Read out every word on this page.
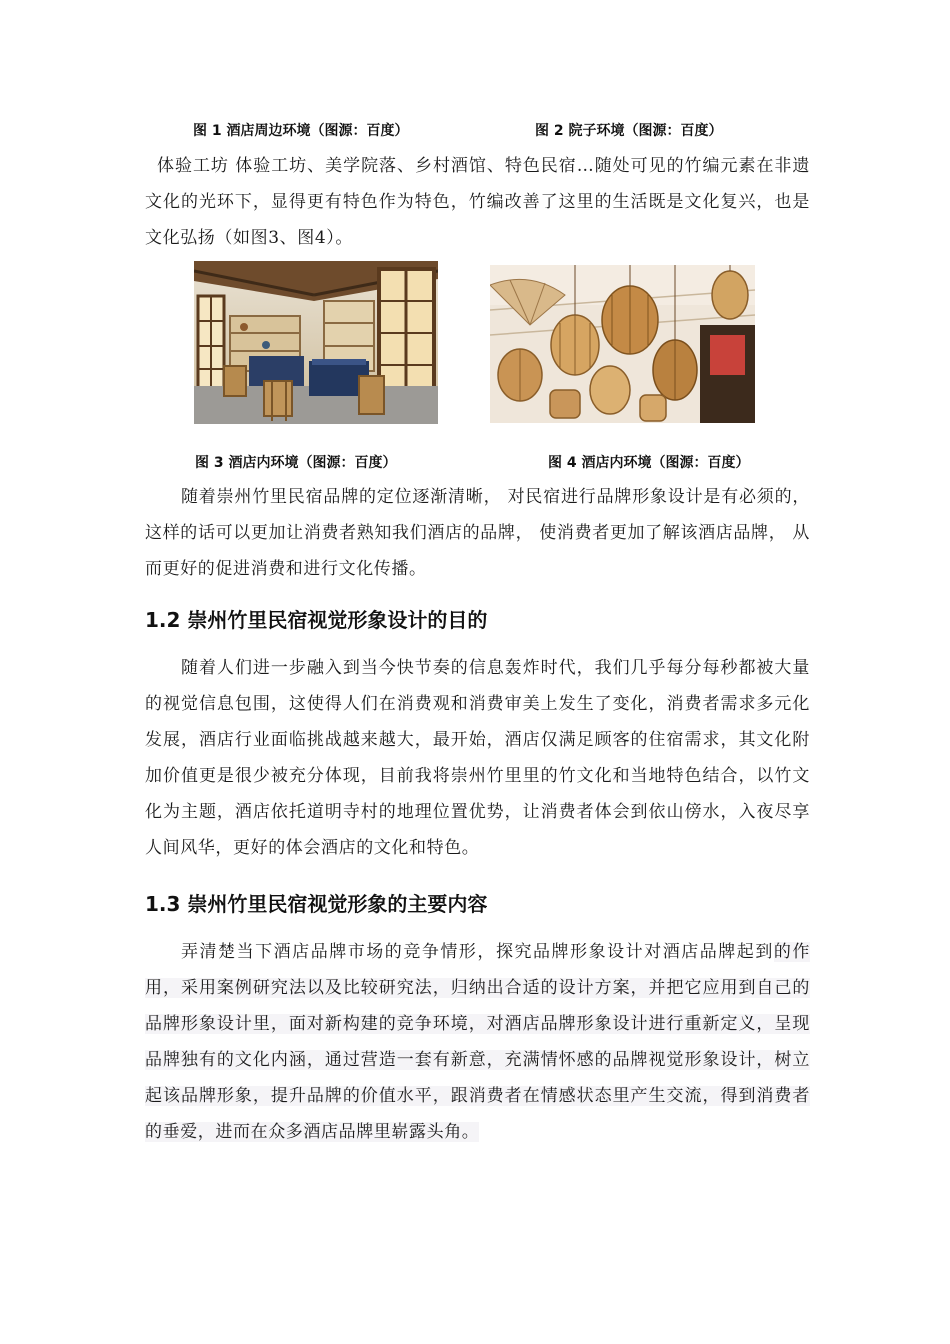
图 1 酒店周边环境（图源：百度）	图 2 院子环境（图源：百度）

体验工坊 体验工坊、美学院落、乡村酒馆、特色民宿…随处可见的竹编元素在非遗文化的光环下，显得更有特色作为特色，竹编改善了这里的生活既是文化复兴，也是文化弘扬（如图3、图4）。

图 3 酒店内环境（图源：百度）	图 4 酒店内环境（图源：百度）

随着崇州竹里民宿品牌的定位逐渐清晰， 对民宿进行品牌形象设计是有必须的， 这样的话可以更加让消费者熟知我们酒店的品牌， 使消费者更加了解该酒店品牌， 从而更好的促进消费和进行文化传播。

1.2 崇州竹里民宿视觉形象设计的目的

随着人们进一步融入到当今快节奏的信息轰炸时代，我们几乎每分每秒都被大量的视觉信息包围，这使得人们在消费观和消费审美上发生了变化，消费者需求多元化发展，酒店行业面临挑战越来越大，最开始，酒店仅满足顾客的住宿需求，其文化附加价值更是很少被充分体现，目前我将崇州竹里里的竹文化和当地特色结合，以竹文化为主题，酒店依托道明寺村的地理位置优势，让消费者体会到依山傍水，入夜尽享人间风华，更好的体会酒店的文化和特色。

1.3 崇州竹里民宿视觉形象的主要内容

弄清楚当下酒店品牌市场的竞争情形，探究品牌形象设计对酒店品牌起到的作用，采用案例研究法以及比较研究法，归纳出合适的设计方案，并把它应用到自己的品牌形象设计里，面对新构建的竞争环境，对酒店品牌形象设计进行重新定义，呈现品牌独有的文化内涵，通过营造一套有新意，充满情怀感的品牌视觉形象设计，树立起该品牌形象，提升品牌的价值水平，跟消费者在情感状态里产生交流，得到消费者的垂爱，进而在众多酒店品牌里崭露头角。
